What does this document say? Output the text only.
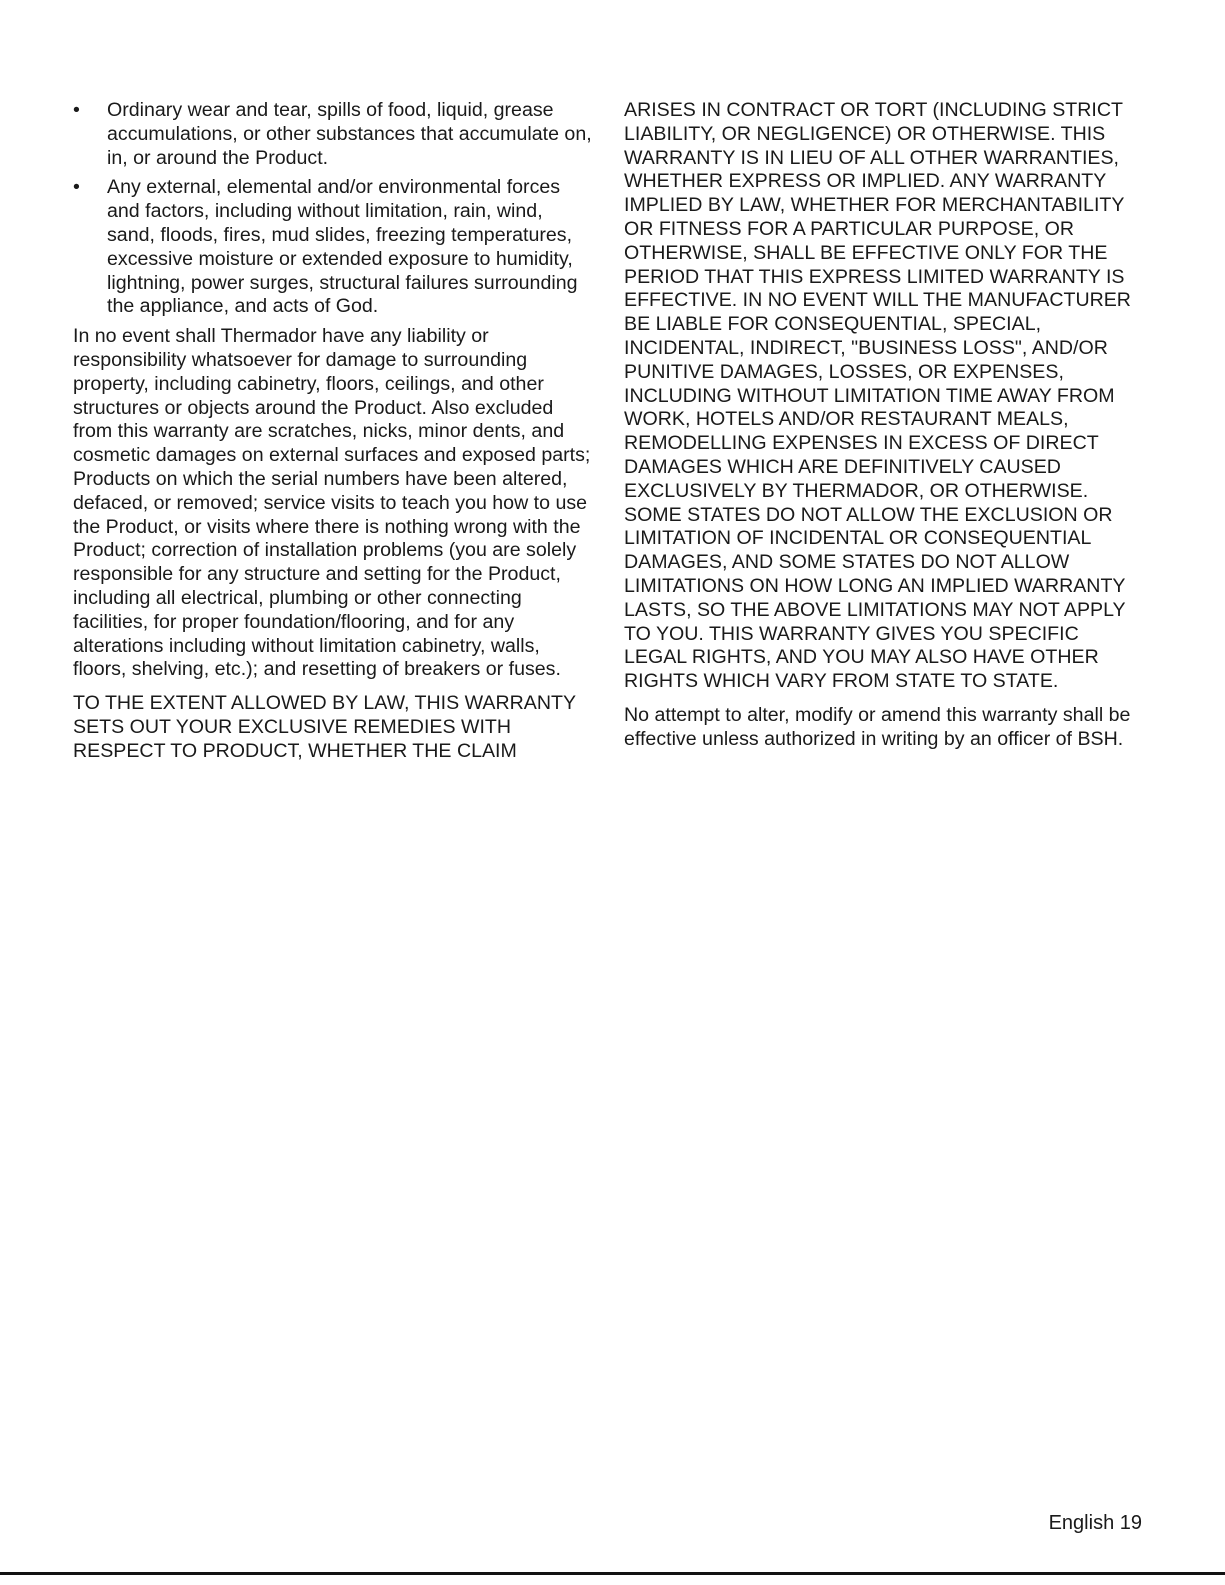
• Ordinary wear and tear, spills of food, liquid, grease accumulations, or other substances that accumulate on, in, or around the Product.
• Any external, elemental and/or environmental forces and factors, including without limitation, rain, wind, sand, floods, fires, mud slides, freezing temperatures, excessive moisture or extended exposure to humidity, lightning, power surges, structural failures surrounding the appliance, and acts of God.

In no event shall Thermador have any liability or responsibility whatsoever for damage to surrounding property, including cabinetry, floors, ceilings, and other structures or objects around the Product. Also excluded from this warranty are scratches, nicks, minor dents, and cosmetic damages on external surfaces and exposed parts; Products on which the serial numbers have been altered, defaced, or removed; service visits to teach you how to use the Product, or visits where there is nothing wrong with the Product; correction of installation problems (you are solely responsible for any structure and setting for the Product, including all electrical, plumbing or other connecting facilities, for proper foundation/flooring, and for any alterations including without limitation cabinetry, walls, floors, shelving, etc.); and resetting of breakers or fuses.

TO THE EXTENT ALLOWED BY LAW, THIS WARRANTY SETS OUT YOUR EXCLUSIVE REMEDIES WITH RESPECT TO PRODUCT, WHETHER THE CLAIM

ARISES IN CONTRACT OR TORT (INCLUDING STRICT LIABILITY, OR NEGLIGENCE) OR OTHERWISE. THIS WARRANTY IS IN LIEU OF ALL OTHER WARRANTIES, WHETHER EXPRESS OR IMPLIED. ANY WARRANTY IMPLIED BY LAW, WHETHER FOR MERCHANTABILITY OR FITNESS FOR A PARTICULAR PURPOSE, OR OTHERWISE, SHALL BE EFFECTIVE ONLY FOR THE PERIOD THAT THIS EXPRESS LIMITED WARRANTY IS EFFECTIVE. IN NO EVENT WILL THE MANUFACTURER BE LIABLE FOR CONSEQUENTIAL, SPECIAL, INCIDENTAL, INDIRECT, "BUSINESS LOSS", AND/OR PUNITIVE DAMAGES, LOSSES, OR EXPENSES, INCLUDING WITHOUT LIMITATION TIME AWAY FROM WORK, HOTELS AND/OR RESTAURANT MEALS, REMODELLING EXPENSES IN EXCESS OF DIRECT DAMAGES WHICH ARE DEFINITIVELY CAUSED EXCLUSIVELY BY THERMADOR, OR OTHERWISE. SOME STATES DO NOT ALLOW THE EXCLUSION OR LIMITATION OF INCIDENTAL OR CONSEQUENTIAL DAMAGES, AND SOME STATES DO NOT ALLOW LIMITATIONS ON HOW LONG AN IMPLIED WARRANTY LASTS, SO THE ABOVE LIMITATIONS MAY NOT APPLY TO YOU. THIS WARRANTY GIVES YOU SPECIFIC LEGAL RIGHTS, AND YOU MAY ALSO HAVE OTHER RIGHTS WHICH VARY FROM STATE TO STATE.

No attempt to alter, modify or amend this warranty shall be effective unless authorized in writing by an officer of BSH.

English 19
